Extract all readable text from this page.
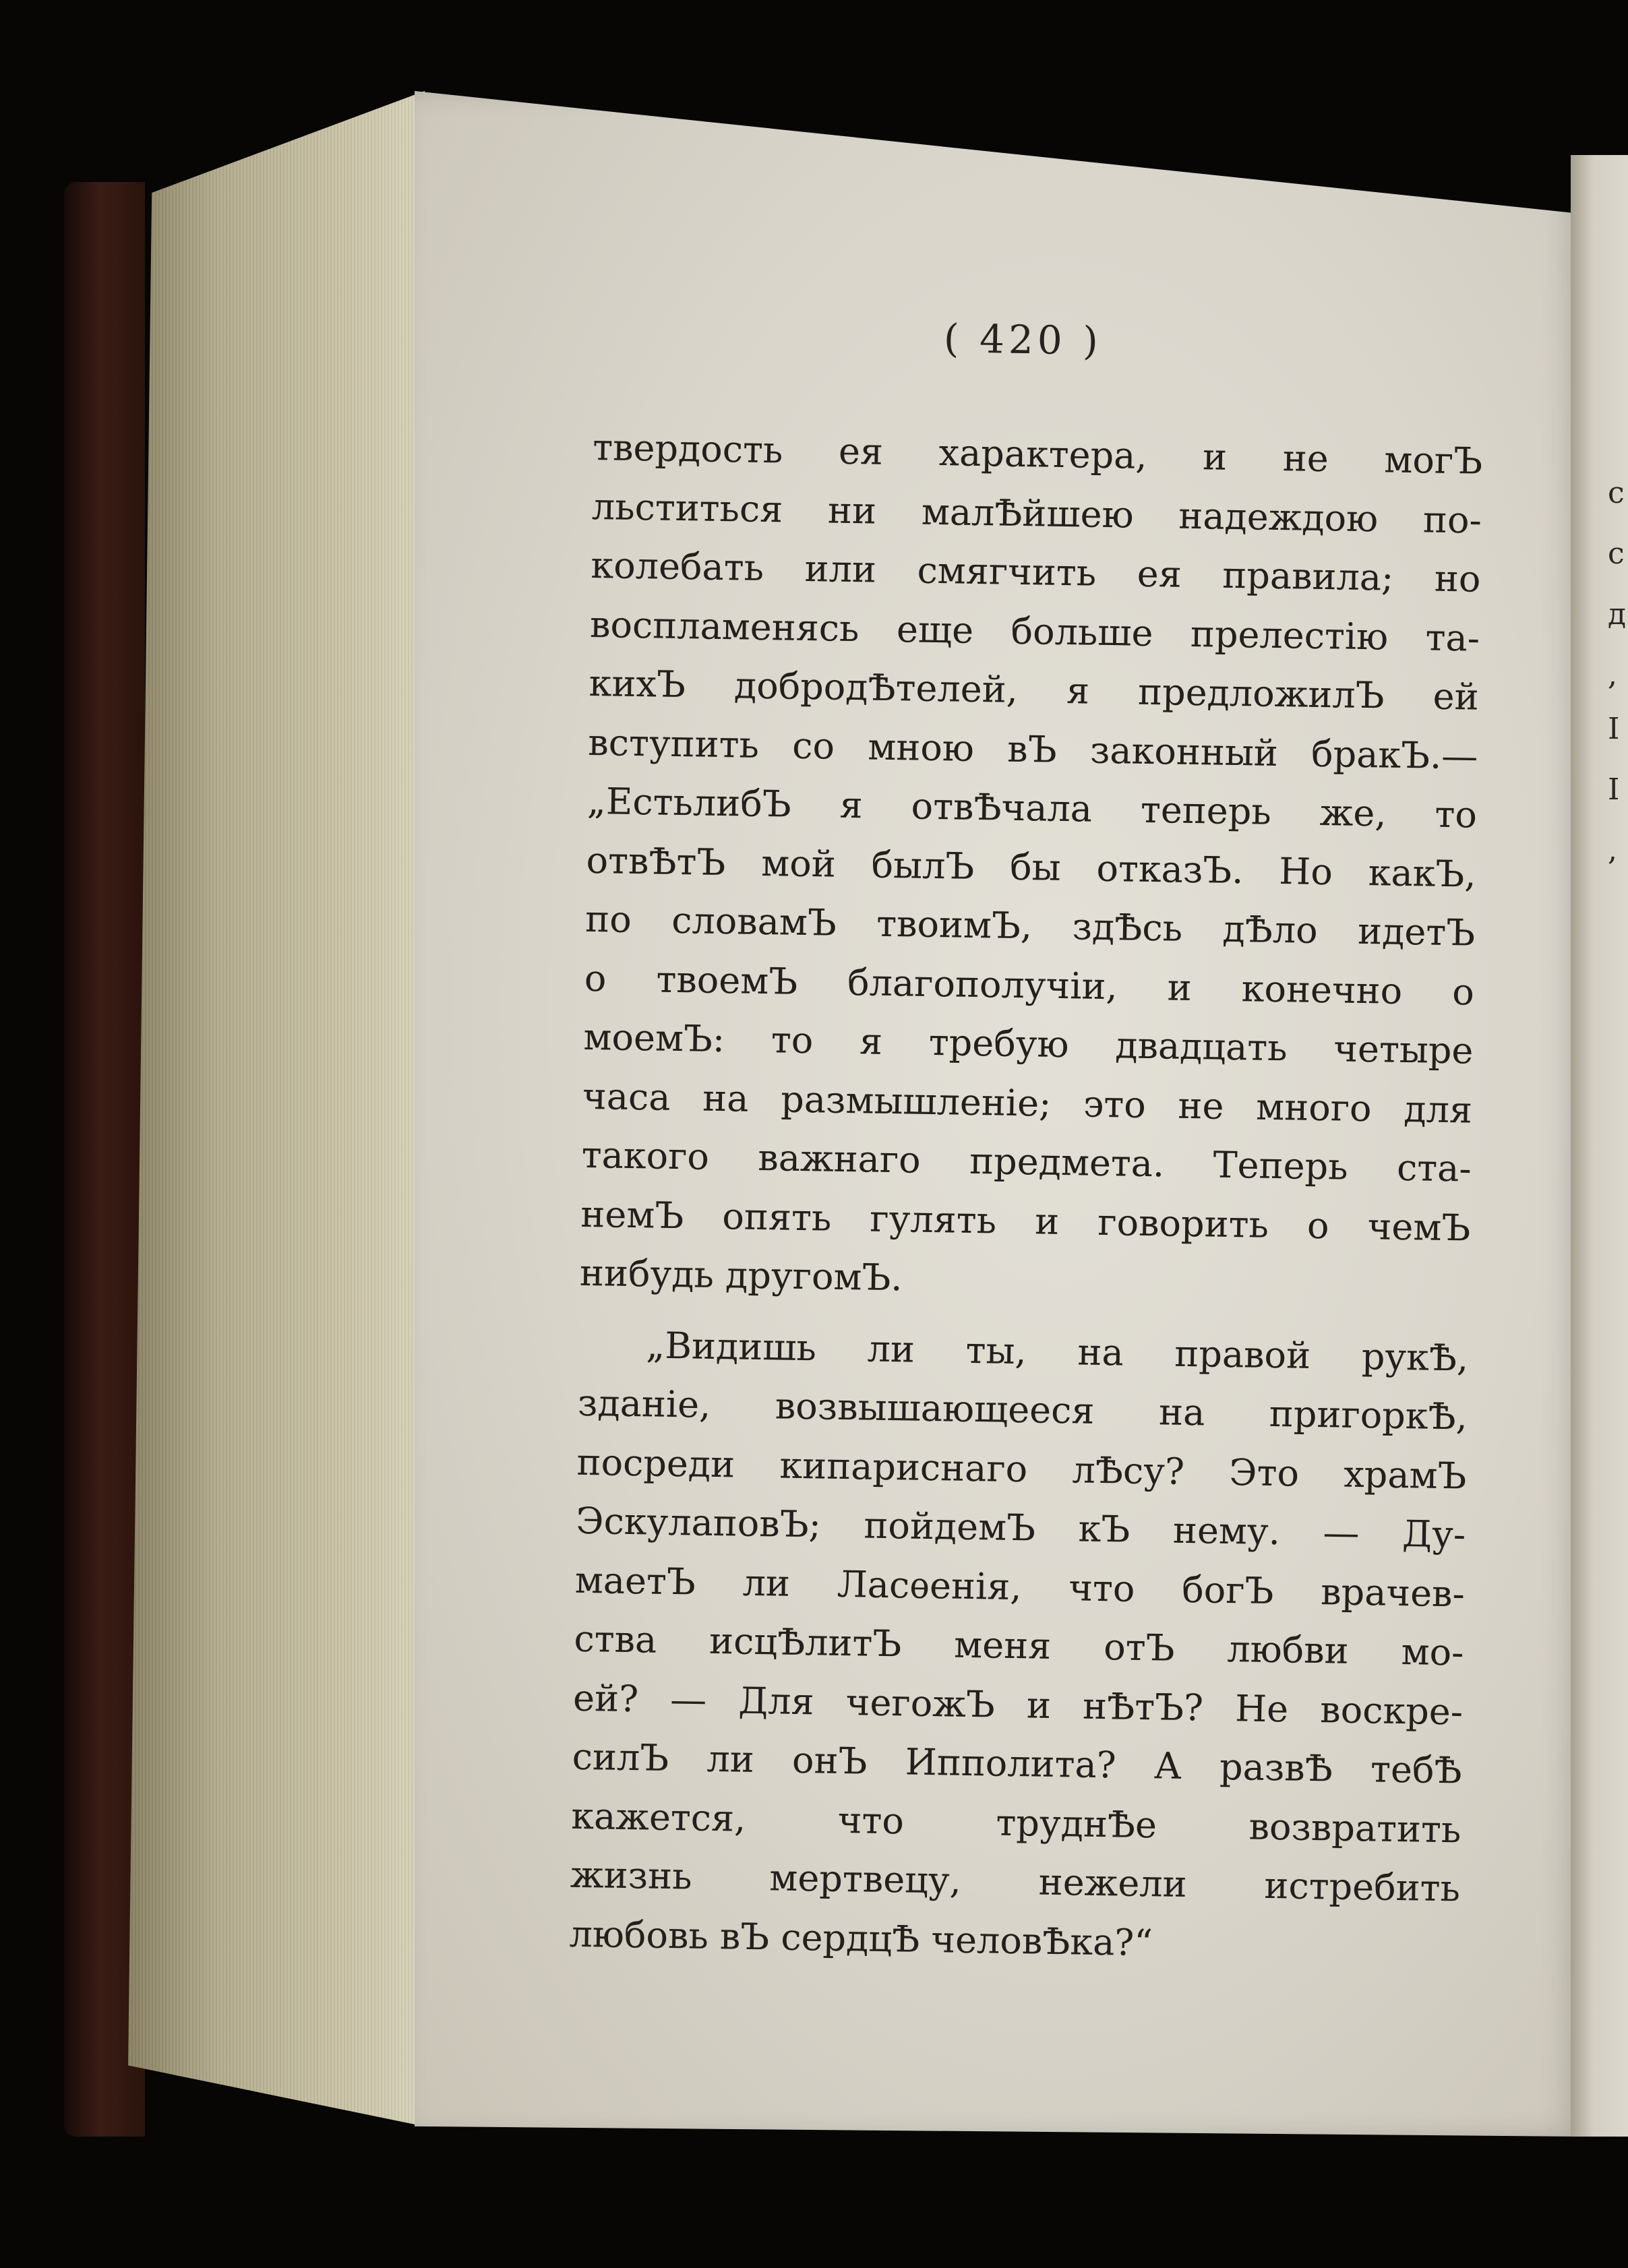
с
с
д
,
I
I
,
( 420 )
твердость ея характера, и не могЪ
льститься ни малѢйшею надеждою по-
колебать или смягчить ея правила; но
воспламенясь еще больше прелестію та-
кихЪ добродѢтелей, я предложилЪ ей
вступить со мною вЪ законный бракЪ.—
„ЕстьлибЪ я отвѢчала теперь же, то
отвѢтЪ мой былЪ бы отказЪ. Но какЪ,
по словамЪ твоимЪ, здѢсь дѢло идетЪ
о твоемЪ благополучіи, и конечно о
моемЪ: то я требую двадцать четыре
часа на размышленіе; это не много для
такого важнаго предмета. Теперь ста-
немЪ опять гулять и говорить о чемЪ
нибудь другомЪ.
„Видишь ли ты, на правой рукѢ,
зданіе, возвышающееся на пригоркѢ,
посреди кипариснаго лѢсу? Это храмЪ
ЭскулаповЪ; пойдемЪ кЪ нему. — Ду-
маетЪ ли Ласѳенія, что богЪ врачев-
ства исцѢлитЪ меня отЪ любви мо-
ей? — Для чегожЪ и нѢтЪ? Не воскре-
силЪ ли онЪ Ипполита? А развѢ тебѢ
кажется, что труднѢе возвратить
жизнь мертвецу, нежели истребить
любовь вЪ сердцѢ человѢка?“
